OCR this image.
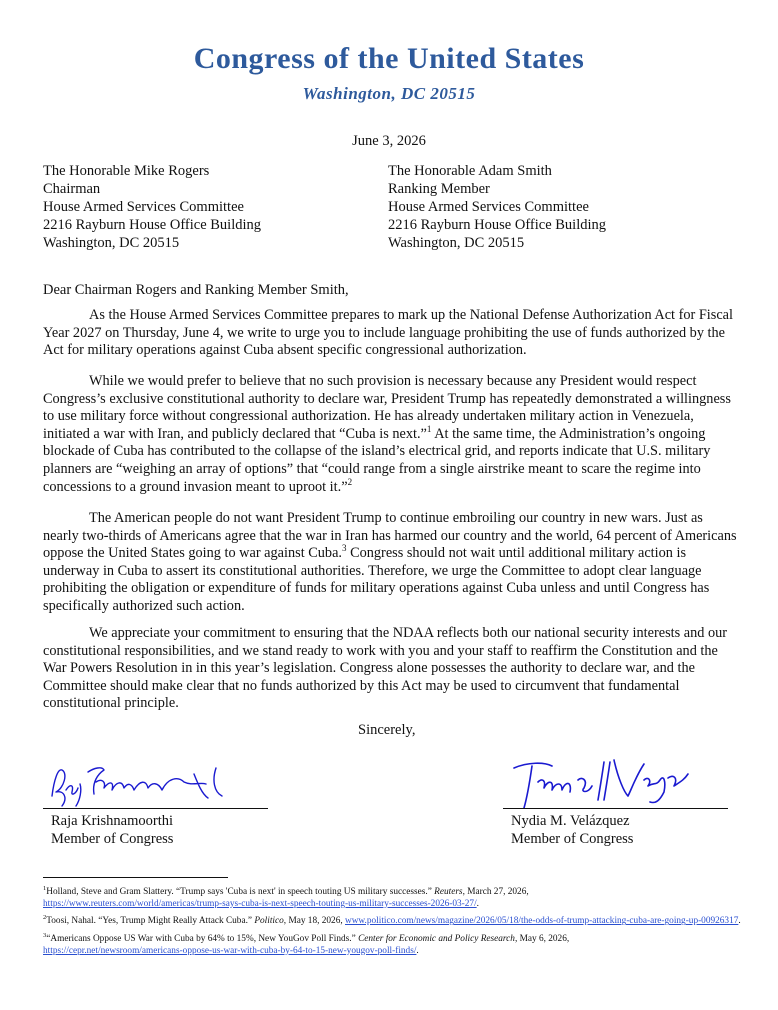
Congress of the United States
Washington, DC 20515
June 3, 2026
The Honorable Mike Rogers
Chairman
House Armed Services Committee
2216 Rayburn House Office Building
Washington, DC 20515
The Honorable Adam Smith
Ranking Member
House Armed Services Committee
2216 Rayburn House Office Building
Washington, DC 20515
Dear Chairman Rogers and Ranking Member Smith,

As the House Armed Services Committee prepares to mark up the National Defense Authorization Act for Fiscal Year 2027 on Thursday, June 4, we write to urge you to include language prohibiting the use of funds authorized by the Act for military operations against Cuba absent specific congressional authorization.

While we would prefer to believe that no such provision is necessary because any President would respect Congress’s exclusive constitutional authority to declare war, President Trump has repeatedly demonstrated a willingness to use military force without congressional authorization. He has already undertaken military action in Venezuela, initiated a war with Iran, and publicly declared that “Cuba is next.”$^1$ At the same time, the Administration’s ongoing blockade of Cuba has contributed to the collapse of the island’s electrical grid, and reports indicate that U.S. military planners are “weighing an array of options” that “could range from a single airstrike meant to scare the regime into concessions to a ground invasion meant to uproot it.”$^2$

The American people do not want President Trump to continue embroiling our country in new wars. Just as nearly two-thirds of Americans agree that the war in Iran has harmed our country and the world, 64 percent of Americans oppose the United States going to war against Cuba.$^3$ Congress should not wait until additional military action is underway in Cuba to assert its constitutional authorities. Therefore, we urge the Committee to adopt clear language prohibiting the obligation or expenditure of funds for military operations against Cuba unless and until Congress has specifically authorized such action.

We appreciate your commitment to ensuring that the NDAA reflects both our national security interests and our constitutional responsibilities, and we stand ready to work with you and your staff to reaffirm the Constitution and the War Powers Resolution in in this year’s legislation. Congress alone possesses the authority to declare war, and the Committee should make clear that no funds authorized by this Act may be used to circumvent that fundamental constitutional principle.

Sincerely,
Raja Krishnamoorthi
Member of Congress
Nydia M. Velázquez
Member of Congress
$^1$Holland, Steve and Gram Slattery. “Trump says 'Cuba is next' in speech touting US military successes.” Reuters, March 27, 2026,
https://www.reuters.com/world/americas/trump-says-cuba-is-next-speech-touting-us-military-successes-2026-03-27/.
$^2$Toosi, Nahal. “Yes, Trump Might Really Attack Cuba.” Politico, May 18, 2026, www.politico.com/news/magazine/2026/05/18/the-odds-of-trump-attacking-cuba-are-going-up-00926317.
$^3$“Americans Oppose US War with Cuba by 64% to 15%, New YouGov Poll Finds.” Center for Economic and Policy Research, May 6, 2026,
https://cepr.net/newsroom/americans-oppose-us-war-with-cuba-by-64-to-15-new-yougov-poll-finds/.
